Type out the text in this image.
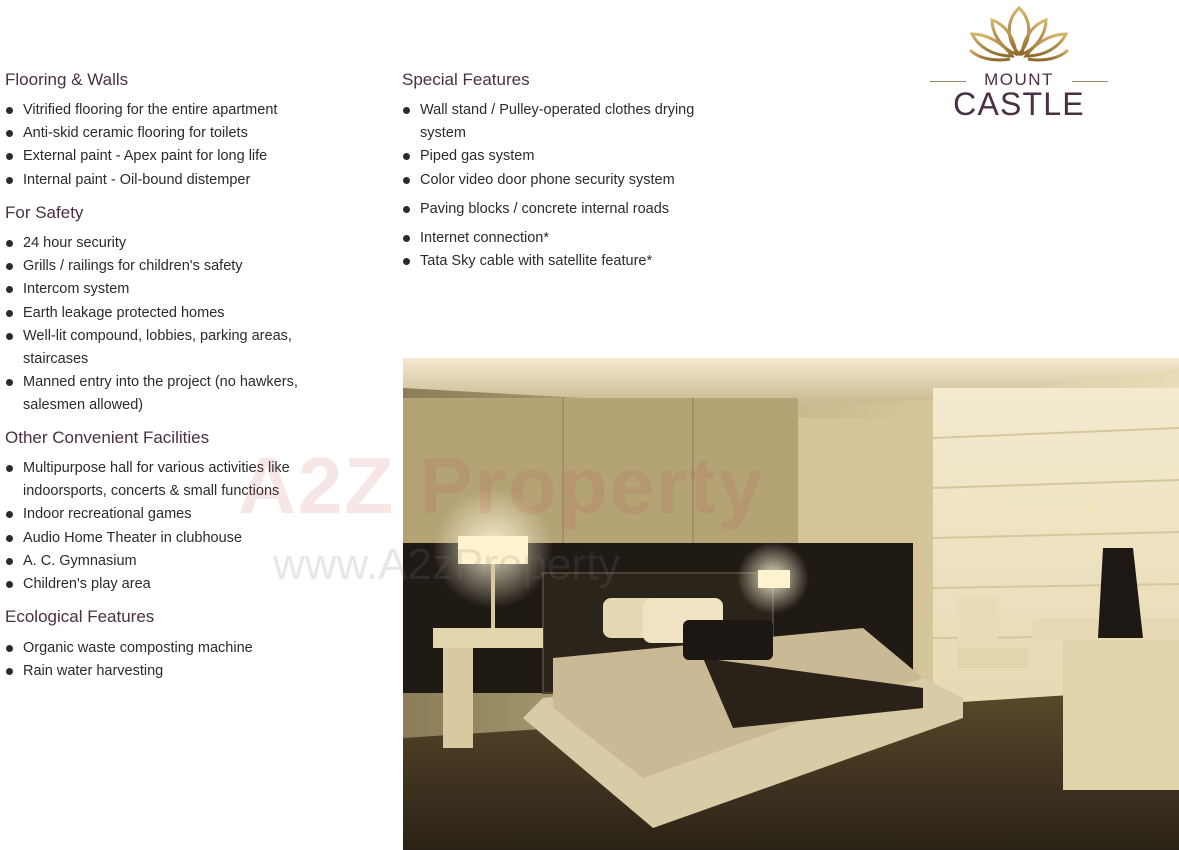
MOUNT
CASTLE
Flooring & Walls
Vitrified flooring for the entire apartment
Anti-skid ceramic flooring for toilets
External paint - Apex paint for long life
Internal paint - Oil-bound distemper
For Safety
24 hour security
Grills / railings for children's safety
Intercom system
Earth leakage protected homes
Well-lit compound, lobbies, parking areas,
staircases
Manned entry into the project (no hawkers,
salesmen allowed)
Other Convenient Facilities
Multipurpose hall for various activities like
indoorsports, concerts & small functions
Indoor recreational games
Audio Home Theater in clubhouse
A. C. Gymnasium
Children's play area
Ecological Features
Organic waste composting machine
Rain water harvesting
Special Features
Wall stand / Pulley-operated clothes drying
system
Piped gas system
Color video door phone security system
Paving blocks / concrete internal roads
Internet connection*
Tata Sky cable with satellite feature*
A2Z Property
www.A2zProperty
